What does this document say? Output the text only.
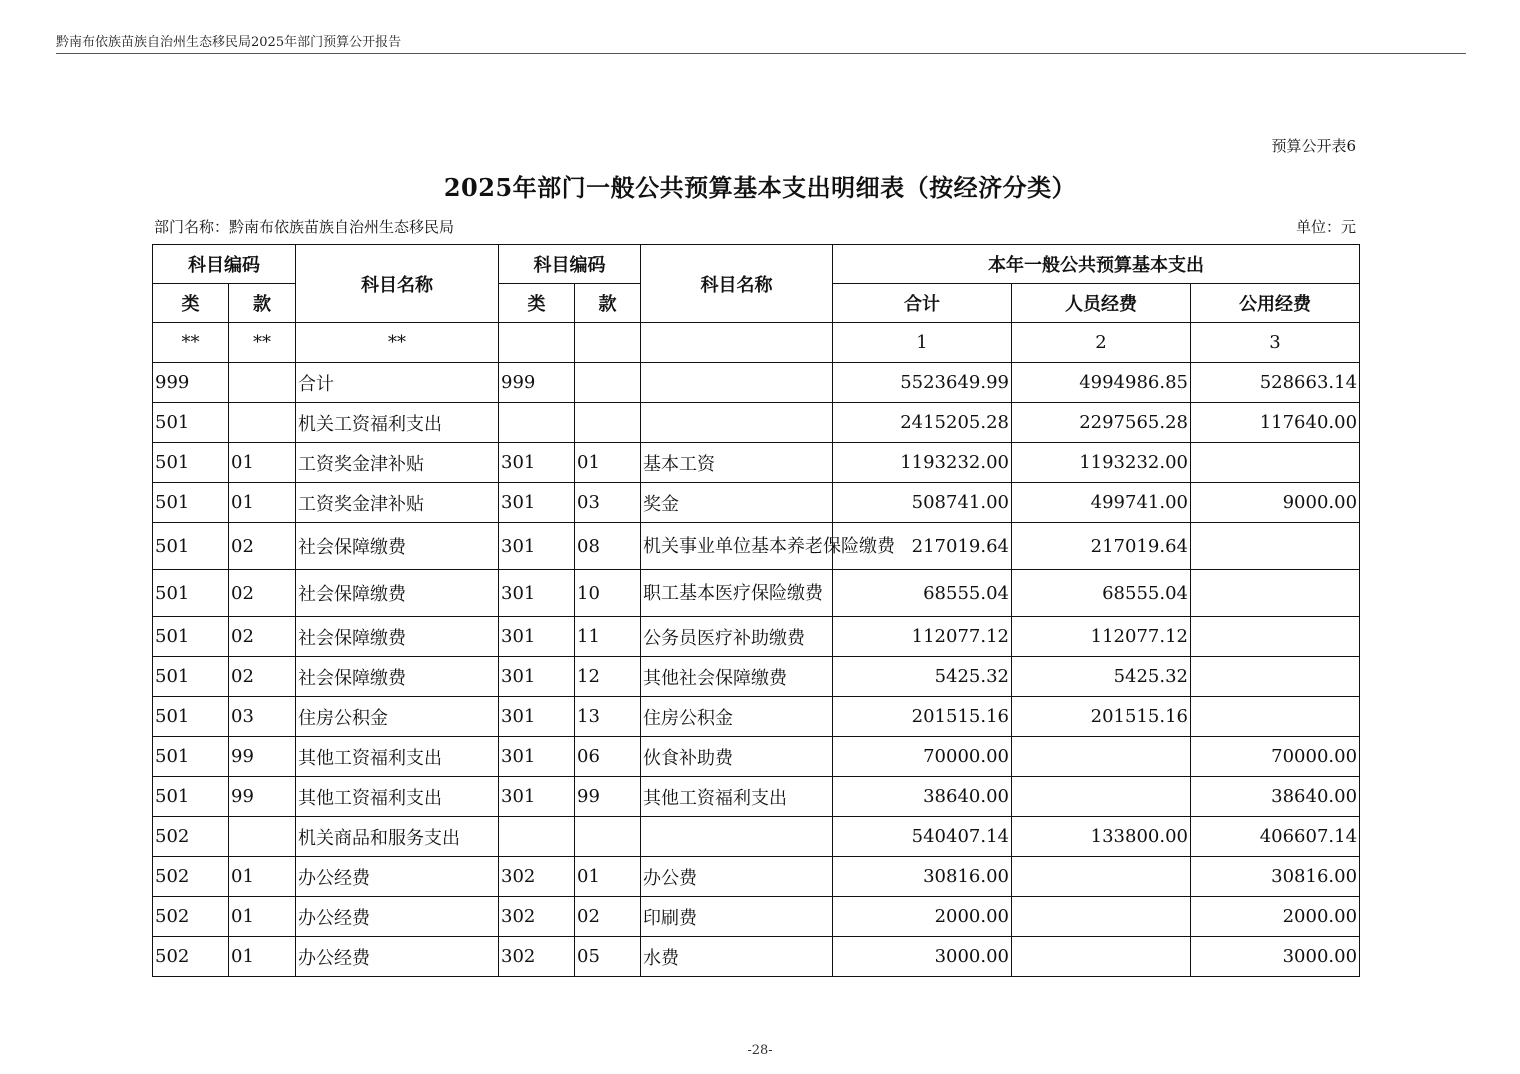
黔南布依族苗族自治州生态移民局2025年部门预算公开报告
预算公开表6
2025年部门一般公共预算基本支出明细表（按经济分类）
部门名称：黔南布依族苗族自治州生态移民局	单位：元
科目编码		科目名称	科目编码		科目名称	本年一般公共预算基本支出		
类	款		类	款		合计	人员经费	公用经费
**	**	**				1	2	3
999		合计	999			5523649.99	4994986.85	528663.14
501		机关工资福利支出				2415205.28	2297565.28	117640.00
501	01	工资奖金津补贴	301	01	基本工资	1193232.00	1193232.00	
501	01	工资奖金津补贴	301	03	奖金	508741.00	499741.00	9000.00
501	02	社会保障缴费	301	08	机关事业单位基本养老保险缴费	217019.64	217019.64	
501	02	社会保障缴费	301	10	职工基本医疗保险缴费	68555.04	68555.04	
501	02	社会保障缴费	301	11	公务员医疗补助缴费	112077.12	112077.12	
501	02	社会保障缴费	301	12	其他社会保障缴费	5425.32	5425.32	
501	03	住房公积金	301	13	住房公积金	201515.16	201515.16	
501	99	其他工资福利支出	301	06	伙食补助费	70000.00		70000.00
501	99	其他工资福利支出	301	99	其他工资福利支出	38640.00		38640.00
502		机关商品和服务支出				540407.14	133800.00	406607.14
502	01	办公经费	302	01	办公费	30816.00		30816.00
502	01	办公经费	302	02	印刷费	2000.00		2000.00
502	01	办公经费	302	05	水费	3000.00		3000.00
-28-
